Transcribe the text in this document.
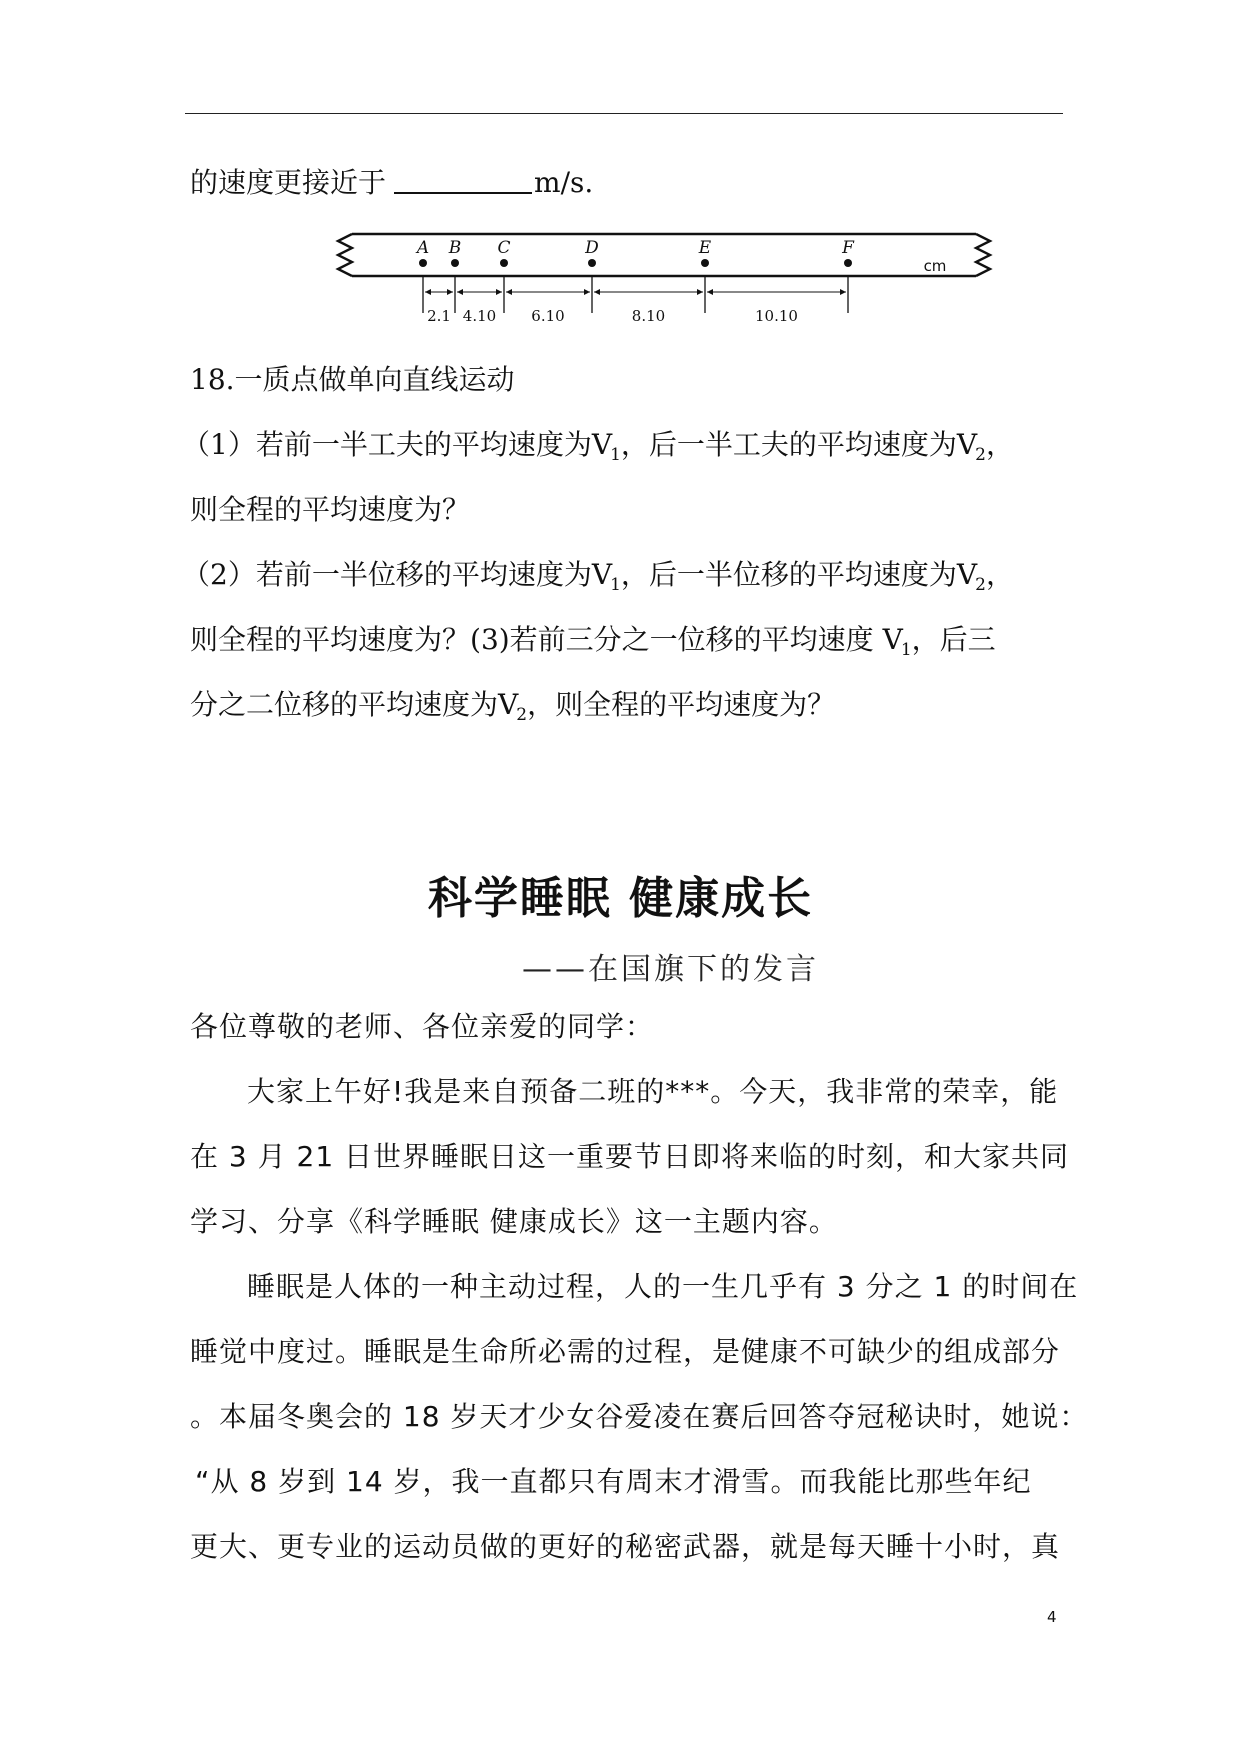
的速度更接近于	m/s.
A B C	D	E	F
2.1 4.10 6.10	8.10	10.10
cm
18.一质点做单向直线运动
（1）若前一半工夫的平均速度为$V_1$，后一半工夫的平均速度为$V_2$，
则全程的平均速度为？
（2）若前一半位移的平均速度为$V_1$，后一半位移的平均速度为$V_2$，
则全程的平均速度为？(3)若前三分之一位移的平均速度 $V_1$，后三
分之二位移的平均速度为$V_2$，则全程的平均速度为？
科学睡眠 健康成长
——在国旗下的发言
各位尊敬的老师、各位亲爱的同学：
大家上午好!我是来自预备二班的***。今天，我非常的荣幸，能
在 3 月 21 日世界睡眠日这一重要节日即将来临的时刻，和大家共同
学习、分享《科学睡眠 健康成长》这一主题内容。
睡眠是人体的一种主动过程，人的一生几乎有 3 分之 1 的时间在
睡觉中度过。睡眠是生命所必需的过程，是健康不可缺少的组成部分
。本届冬奥会的 18 岁天才少女谷爱凌在赛后回答夺冠秘诀时，她说：
“从 8 岁到 14 岁，我一直都只有周末才滑雪。而我能比那些年纪
更大、更专业的运动员做的更好的秘密武器，就是每天睡十小时，真
4
